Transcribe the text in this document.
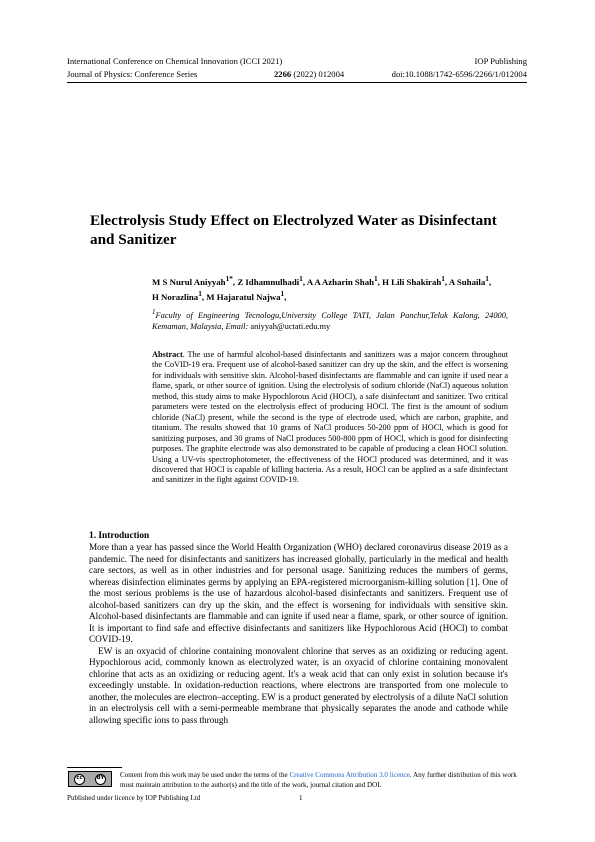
International Conference on Chemical Innovation (ICCI 2021)	IOP Publishing
Journal of Physics: Conference Series	2266 (2022) 012004	doi:10.1088/1742-6596/2266/1/012004
Electrolysis Study Effect on Electrolyzed Water as Disinfectant and Sanitizer
M S Nurul Aniyyah$^{1*}$, Z Idhamnulhadi$^1$, A A Azharin Shah$^1$, H Lili Shakirah$^1$, A Suhaila$^1$,
H Norazlina$^1$, M Hajaratul Najwa$^1$,
$^1$Faculty of Engineering Tecnologu,University College TATI, Jalan Panchur,Teluk Kalong, 24000, Kemaman, Malaysia, Email: aniyyah@uctati.edu.my
Abstract. The use of harmful alcohol-based disinfectants and sanitizers was a major concern throughout the CoVID-19 era. Frequent use of alcohol-based sanitizer can dry up the skin, and the effect is worsening for individuals with sensitive skin. Alcohol-based disinfectants are flammable and can ignite if used near a flame, spark, or other source of ignition. Using the electrolysis of sodium chloride (NaCl) aqueous solution method, this study aims to make Hypochlorous Acid (HOCl), a safe disinfectant and sanitizer. Two critical parameters were tested on the electrolysis effect of producing HOCl. The first is the amount of sodium chloride (NaCl) present, while the second is the type of electrode used, which are carbon, graphite, and titanium. The results showed that 10 grams of NaCl produces 50-200 ppm of HOCl, which is good for sanitizing purposes, and 30 grams of NaCl produces 500-800 ppm of HOCl, which is good for disinfecting purposes. The graphite electrode was also demonstrated to be capable of producing a clean HOCl solution. Using a UV-vis spectrophotometer, the effectiveness of the HOCl produced was determined, and it was discovered that HOCl is capable of killing bacteria. As a result, HOCl can be applied as a safe disinfectant and sanitizer in the fight against COVID-19.
1. Introduction

More than a year has passed since the World Health Organization (WHO) declared coronavirus disease 2019 as a pandemic. The need for disinfectants and sanitizers has increased globally, particularly in the medical and health care sectors, as well as in other industries and for personal usage. Sanitizing reduces the numbers of germs, whereas disinfection eliminates germs by applying an EPA-registered microorganism-killing solution [1]. One of the most serious problems is the use of hazardous alcohol-based disinfectants and sanitizers. Frequent use of alcohol-based sanitizers can dry up the skin, and the effect is worsening for individuals with sensitive skin. Alcohol-based disinfectants are flammable and can ignite if used near a flame, spark, or other source of ignition. It is important to find safe and effective disinfectants and sanitizers like Hypochlorous Acid (HOCl) to combat COVID-19.

EW is an oxyacid of chlorine containing monovalent chlorine that serves as an oxidizing or reducing agent. Hypochlorous acid, commonly known as electrolyzed water, is an oxyacid of chlorine containing monovalent chlorine that acts as an oxidizing or reducing agent. It's a weak acid that can only exist in solution because it's exceedingly unstable. In oxidation-reduction reactions, where electrons are transported from one molecule to another, the molecules are electron–accepting. EW is a product generated by electrolysis of a dilute NaCl solution in an electrolysis cell with a semi-permeable membrane that physically separates the anode and cathode while allowing specific ions to pass through

cc	BY Content from this work may be used under the terms of the Creative Commons Attribution 3.0 licence. Any further distribution of this work must maintain attribution to the author(s) and the title of the work, journal citation and DOI.
Published under licence by IOP Publishing Ltd	1
